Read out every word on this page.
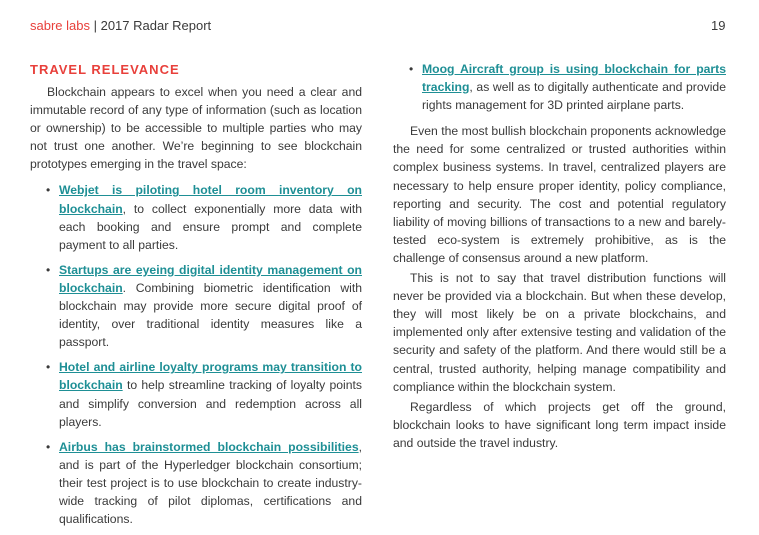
sabre labs | 2017 Radar Report	19
TRAVEL RELEVANCE

Blockchain appears to excel when you need a clear and immutable record of any type of information (such as location or ownership) to be accessible to multiple parties who may not trust one another. We’re beginning to see blockchain prototypes emerging in the travel space:

• Webjet is piloting hotel room inventory on blockchain, to collect exponentially more data with each booking and ensure prompt and complete payment to all parties.
• Startups are eyeing digital identity management on blockchain. Combining biometric identification with blockchain may provide more secure digital proof of identity, over traditional identity measures like a passport.
• Hotel and airline loyalty programs may transition to blockchain to help streamline tracking of loyalty points and simplify conversion and redemption across all players.
• Airbus has brainstormed blockchain possibilities, and is part of the Hyperledger blockchain consortium; their test project is to use blockchain to create industry-wide tracking of pilot diplomas, certifications and qualifications.
• Moog Aircraft group is using blockchain for parts tracking, as well as to digitally authenticate and provide rights management for 3D printed airplane parts.

Even the most bullish blockchain proponents acknowledge the need for some centralized or trusted authorities within complex business systems. In travel, centralized players are necessary to help ensure proper identity, policy compliance, reporting and security. The cost and potential regulatory liability of moving billions of transactions to a new and barely-tested eco-system is extremely prohibitive, as is the challenge of consensus around a new platform.

This is not to say that travel distribution functions will never be provided via a blockchain. But when these develop, they will most likely be on a private blockchains, and implemented only after extensive testing and validation of the security and safety of the platform. And there would still be a central, trusted authority, helping manage compatibility and compliance within the blockchain system.

Regardless of which projects get off the ground, blockchain looks to have significant long term impact inside and outside the travel industry.
